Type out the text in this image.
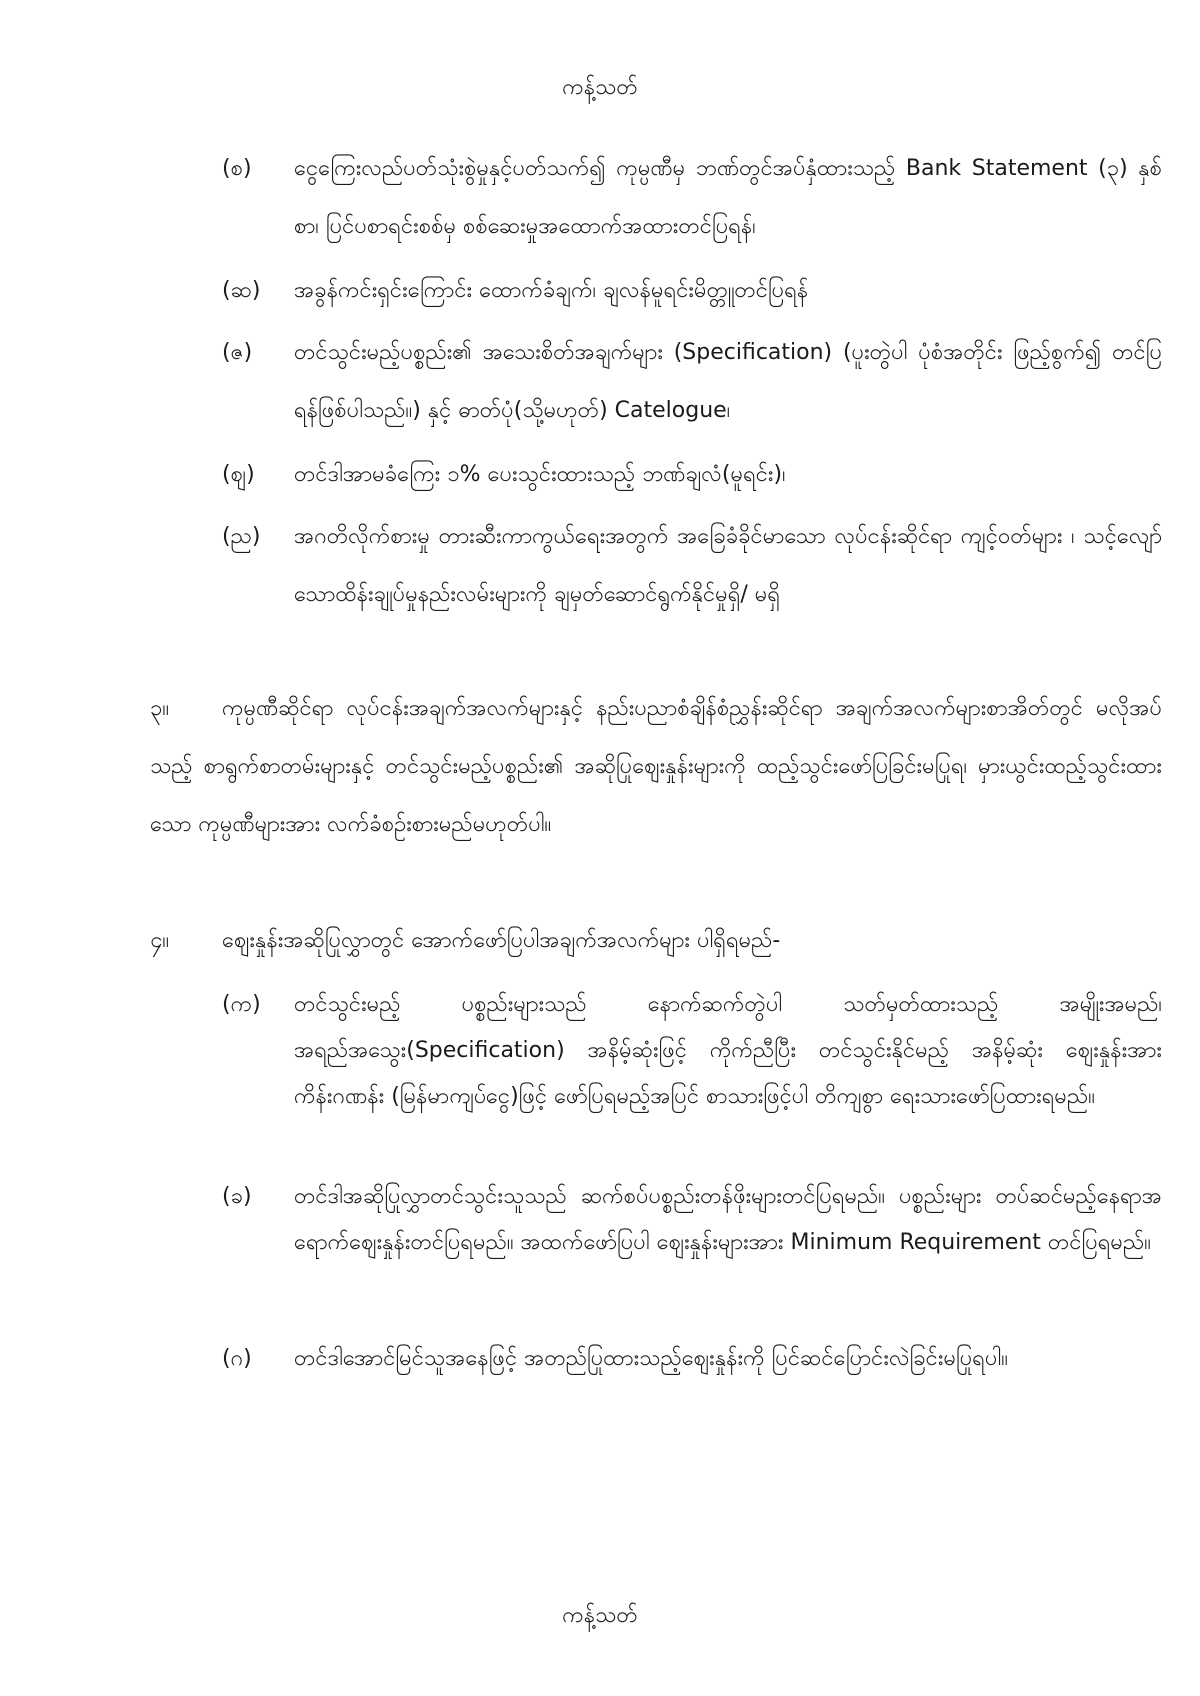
ကန့်သတ်
(စ) ငွေကြေးလည်ပတ်သုံးစွဲမှုနှင့်ပတ်သက်၍ ကုမ္ပဏီမှ ဘဏ်တွင်အပ်နှံထားသည့် Bank Statement (၃) နှစ်စာ၊ ပြင်ပစာရင်းစစ်မှ စစ်ဆေးမှုအထောက်အထားတင်ပြရန်၊
(ဆ) အခွန်ကင်းရှင်းကြောင်း ထောက်ခံချက်၊ ချလန်မူရင်းမိတ္တူတင်ပြရန်
(ဇ) တင်သွင်းမည့်ပစ္စည်း၏ အသေးစိတ်အချက်များ (Specification) (ပူးတွဲပါ ပုံစံအတိုင်း ဖြည့်စွက်၍ တင်ပြရန်ဖြစ်ပါသည်။) နှင့် ဓာတ်ပုံ(သို့မဟုတ်) Catelogue၊
(ဈ) တင်ဒါအာမခံကြေး ၁% ပေးသွင်းထားသည့် ဘဏ်ချလံ(မူရင်း)၊
(ည) အဂတိလိုက်စားမှု တားဆီးကာကွယ်ရေးအတွက် အခြေခံခိုင်မာသော လုပ်ငန်းဆိုင်ရာ ကျင့်ဝတ်များ ၊ သင့်လျော်သောထိန်းချုပ်မှုနည်းလမ်းများကို ချမှတ်ဆောင်ရွက်နိုင်မှုရှိ/ မရှိ
၃။ ကုမ္ပဏီဆိုင်ရာ လုပ်ငန်းအချက်အလက်များနှင့် နည်းပညာစံချိန်စံညွှန်းဆိုင်ရာ အချက်အလက်များစာအိတ်တွင် မလိုအပ်သည့် စာရွက်စာတမ်းများနှင့် တင်သွင်းမည့်ပစ္စည်း၏ အဆိုပြုဈေးနှုန်းများကို ထည့်သွင်းဖော်ပြခြင်းမပြုရ၊ မှားယွင်းထည့်သွင်းထားသော ကုမ္ပဏီများအား လက်ခံစဉ်းစားမည်မဟုတ်ပါ။
၄။ ဈေးနှုန်းအဆိုပြုလွှာတွင် အောက်ဖော်ပြပါအချက်အလက်များ ပါရှိရမည်-
(က) တင်သွင်းမည့် ပစ္စည်းများသည် နောက်ဆက်တွဲပါ သတ်မှတ်ထားသည့် အမျိုးအမည်၊ အရည်အသွေး(Specification) အနိမ့်ဆုံးဖြင့် ကိုက်ညီပြီး တင်သွင်းနိုင်မည့် အနိမ့်ဆုံး ဈေးနှုန်းအား ကိန်းဂဏန်း (မြန်မာကျပ်ငွေ)ဖြင့် ဖော်ပြရမည့်အပြင် စာသားဖြင့်ပါ တိကျစွာ ရေးသားဖော်ပြထားရမည်။
(ခ) တင်ဒါအဆိုပြုလွှာတင်သွင်းသူသည် ဆက်စပ်ပစ္စည်းတန်ဖိုးများတင်ပြရမည်။ ပစ္စည်းများ တပ်ဆင်မည့်နေရာအရောက်ဈေးနှုန်းတင်ပြရမည်။ အထက်ဖော်ပြပါ ဈေးနှုန်းများအား Minimum Requirement တင်ပြရမည်။
(ဂ) တင်ဒါအောင်မြင်သူအနေဖြင့် အတည်ပြုထားသည့်ဈေးနှုန်းကို ပြင်ဆင်ပြောင်းလဲခြင်းမပြုရပါ။
ကန့်သတ်
